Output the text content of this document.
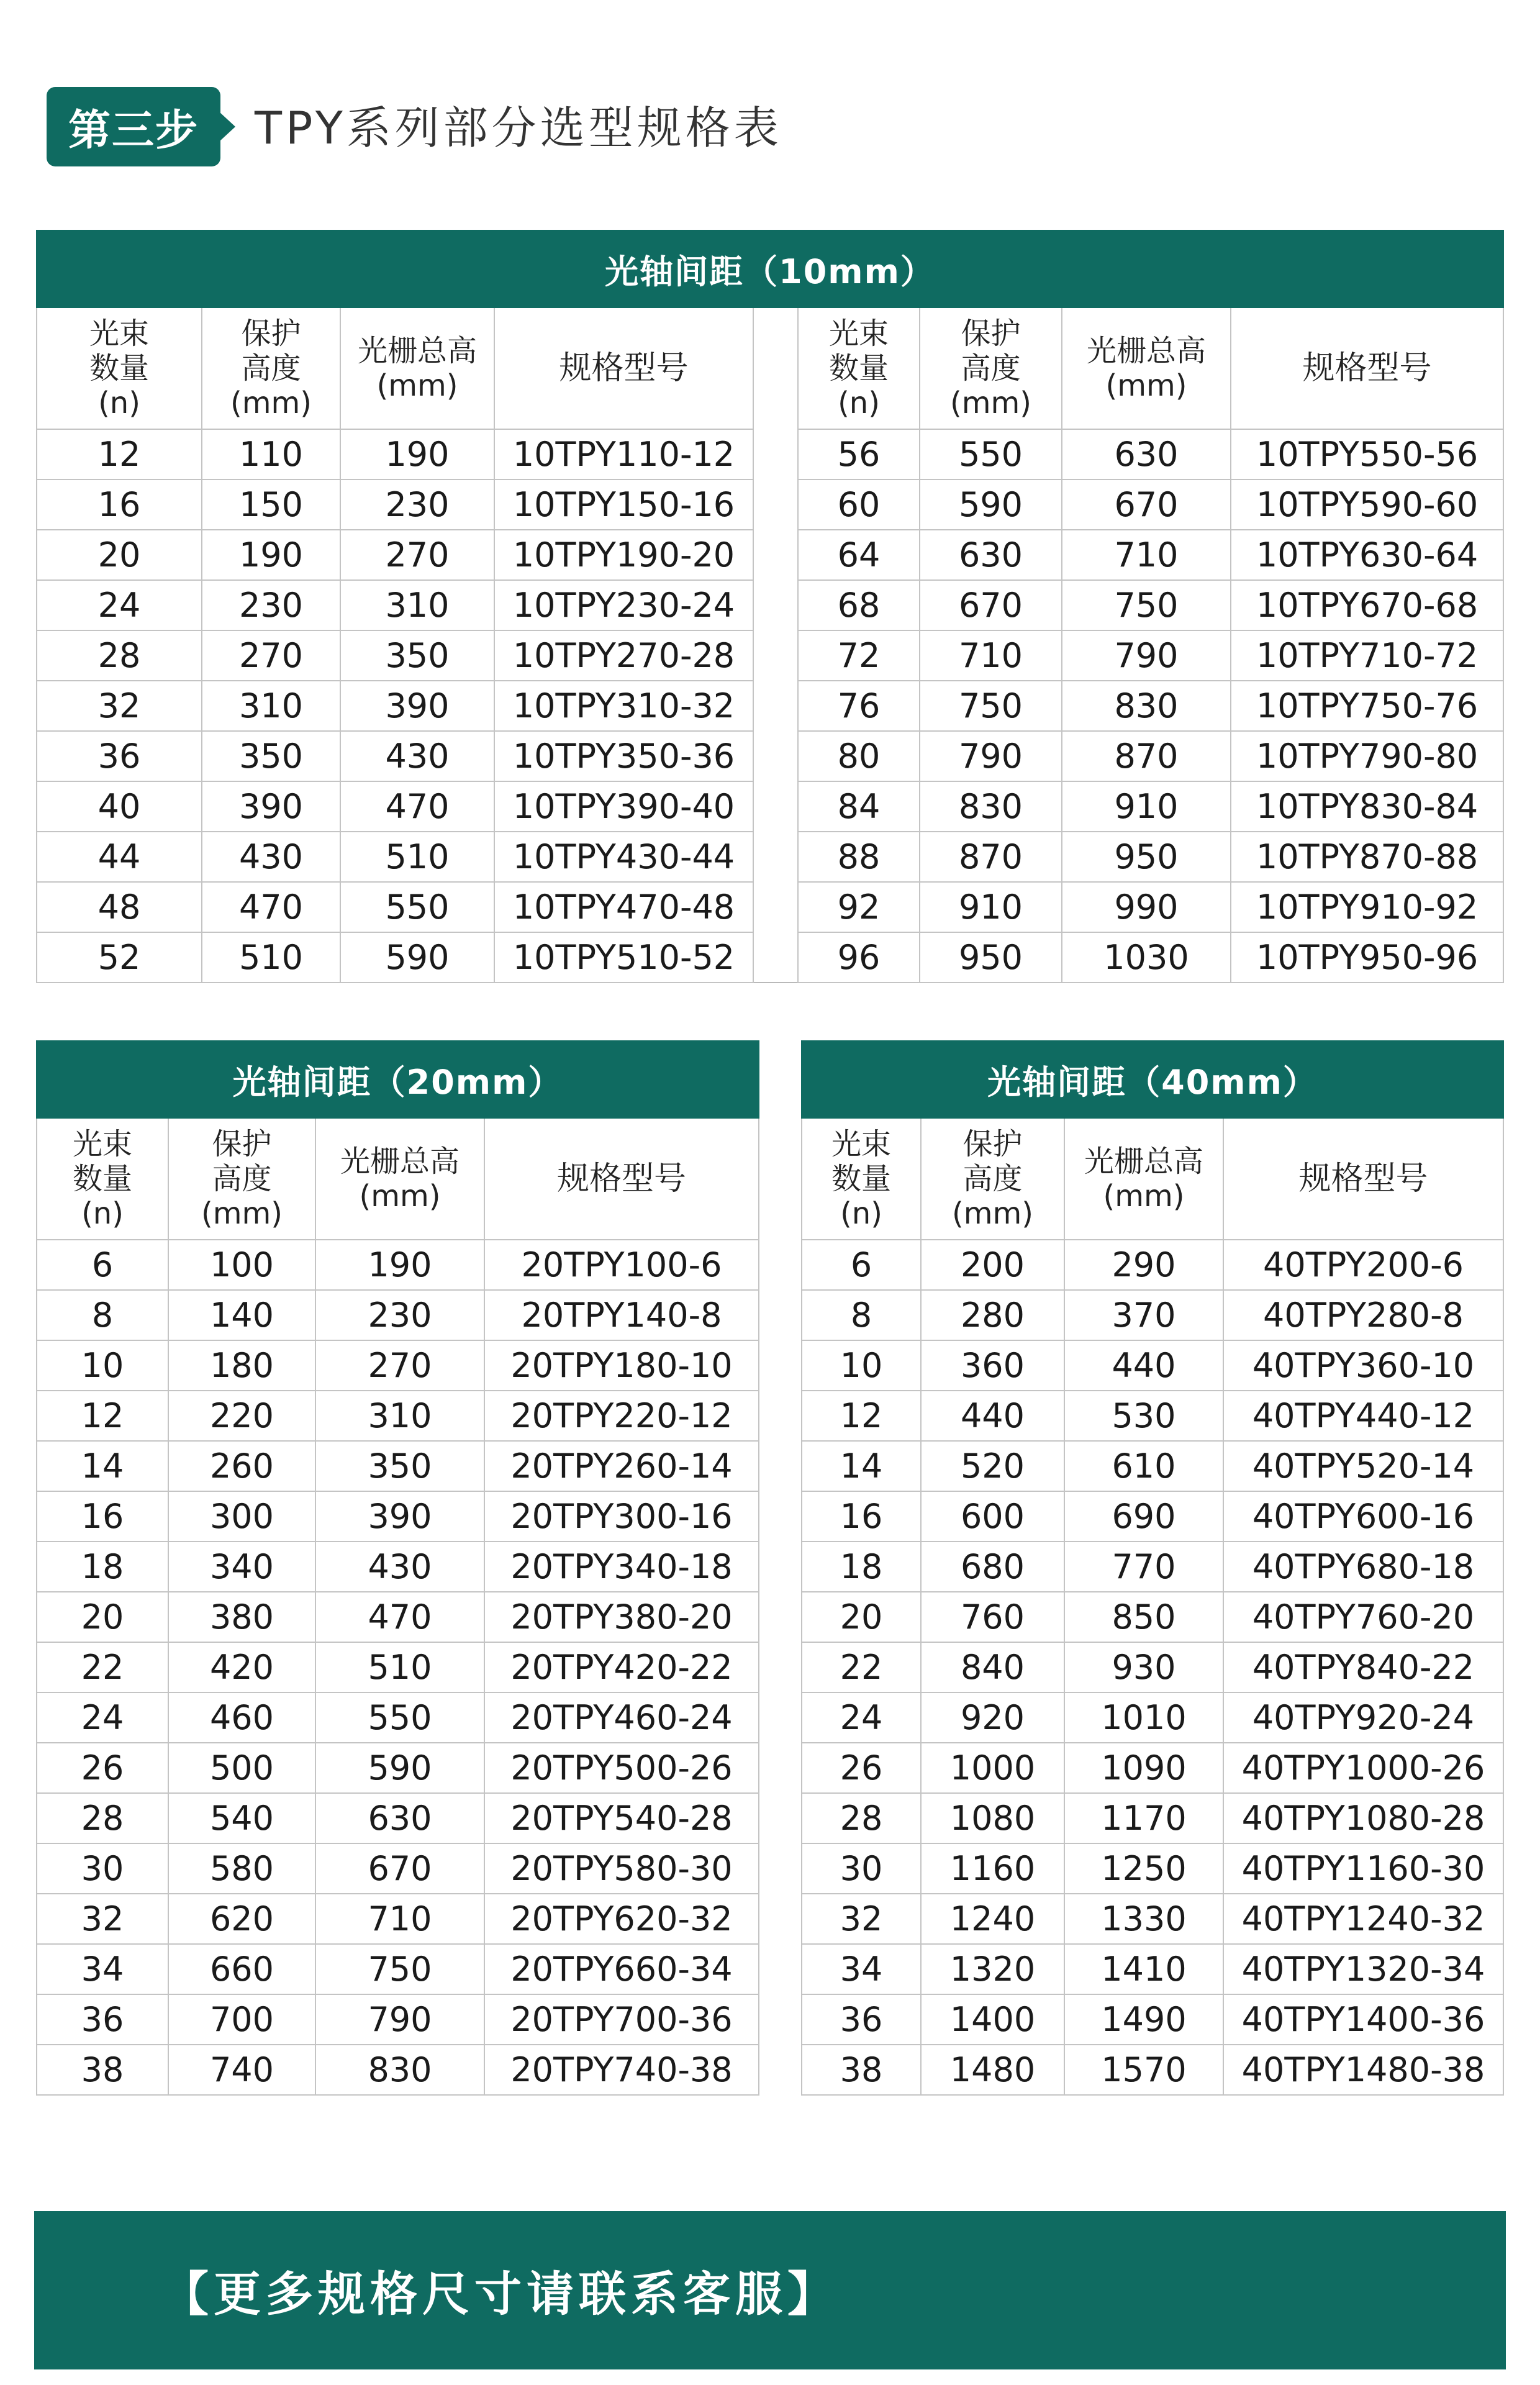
第三步 TPY系列部分选型规格表
光轴间距（10mm）								

光束
数量
(n)	保护
高度
(mm)	光栅总高
(mm)	规格型号		光束
数量
(n)	保护
高度
(mm)	光栅总高
(mm)	规格型号

12	110	190	10TPY110-12		56	550	630	10TPY550-56
16	150	230	10TPY150-16		60	590	670	10TPY590-60
20	190	270	10TPY190-20		64	630	710	10TPY630-64
24	230	310	10TPY230-24		68	670	750	10TPY670-68
28	270	350	10TPY270-28		72	710	790	10TPY710-72
32	310	390	10TPY310-32		76	750	830	10TPY750-76
36	350	430	10TPY350-36		80	790	870	10TPY790-80
40	390	470	10TPY390-40		84	830	910	10TPY830-84
44	430	510	10TPY430-44		88	870	950	10TPY870-88
48	470	550	10TPY470-48		92	910	990	10TPY910-92
52	510	590	10TPY510-52		96	950	1030	10TPY950-96
光轴间距（20mm）			

光束
数量
(n)	保护
高度
(mm)	光栅总高
(mm)	规格型号

6	100	190	20TPY100-6
8	140	230	20TPY140-8
10	180	270	20TPY180-10
12	220	310	20TPY220-12
14	260	350	20TPY260-14
16	300	390	20TPY300-16
18	340	430	20TPY340-18
20	380	470	20TPY380-20
22	420	510	20TPY420-22
24	460	550	20TPY460-24
26	500	590	20TPY500-26
28	540	630	20TPY540-28
30	580	670	20TPY580-30
32	620	710	20TPY620-32
34	660	750	20TPY660-34
36	700	790	20TPY700-36
38	740	830	20TPY740-38
光轴间距（40mm）			

光束
数量
(n)	保护
高度
(mm)	光栅总高
(mm)	规格型号

6	200	290	40TPY200-6
8	280	370	40TPY280-8
10	360	440	40TPY360-10
12	440	530	40TPY440-12
14	520	610	40TPY520-14
16	600	690	40TPY600-16
18	680	770	40TPY680-18
20	760	850	40TPY760-20
22	840	930	40TPY840-22
24	920	1010	40TPY920-24
26	1000	1090	40TPY1000-26
28	1080	1170	40TPY1080-28
30	1160	1250	40TPY1160-30
32	1240	1330	40TPY1240-32
34	1320	1410	40TPY1320-34
36	1400	1490	40TPY1400-36
38	1480	1570	40TPY1480-38
【更多规格尺寸请联系客服】
